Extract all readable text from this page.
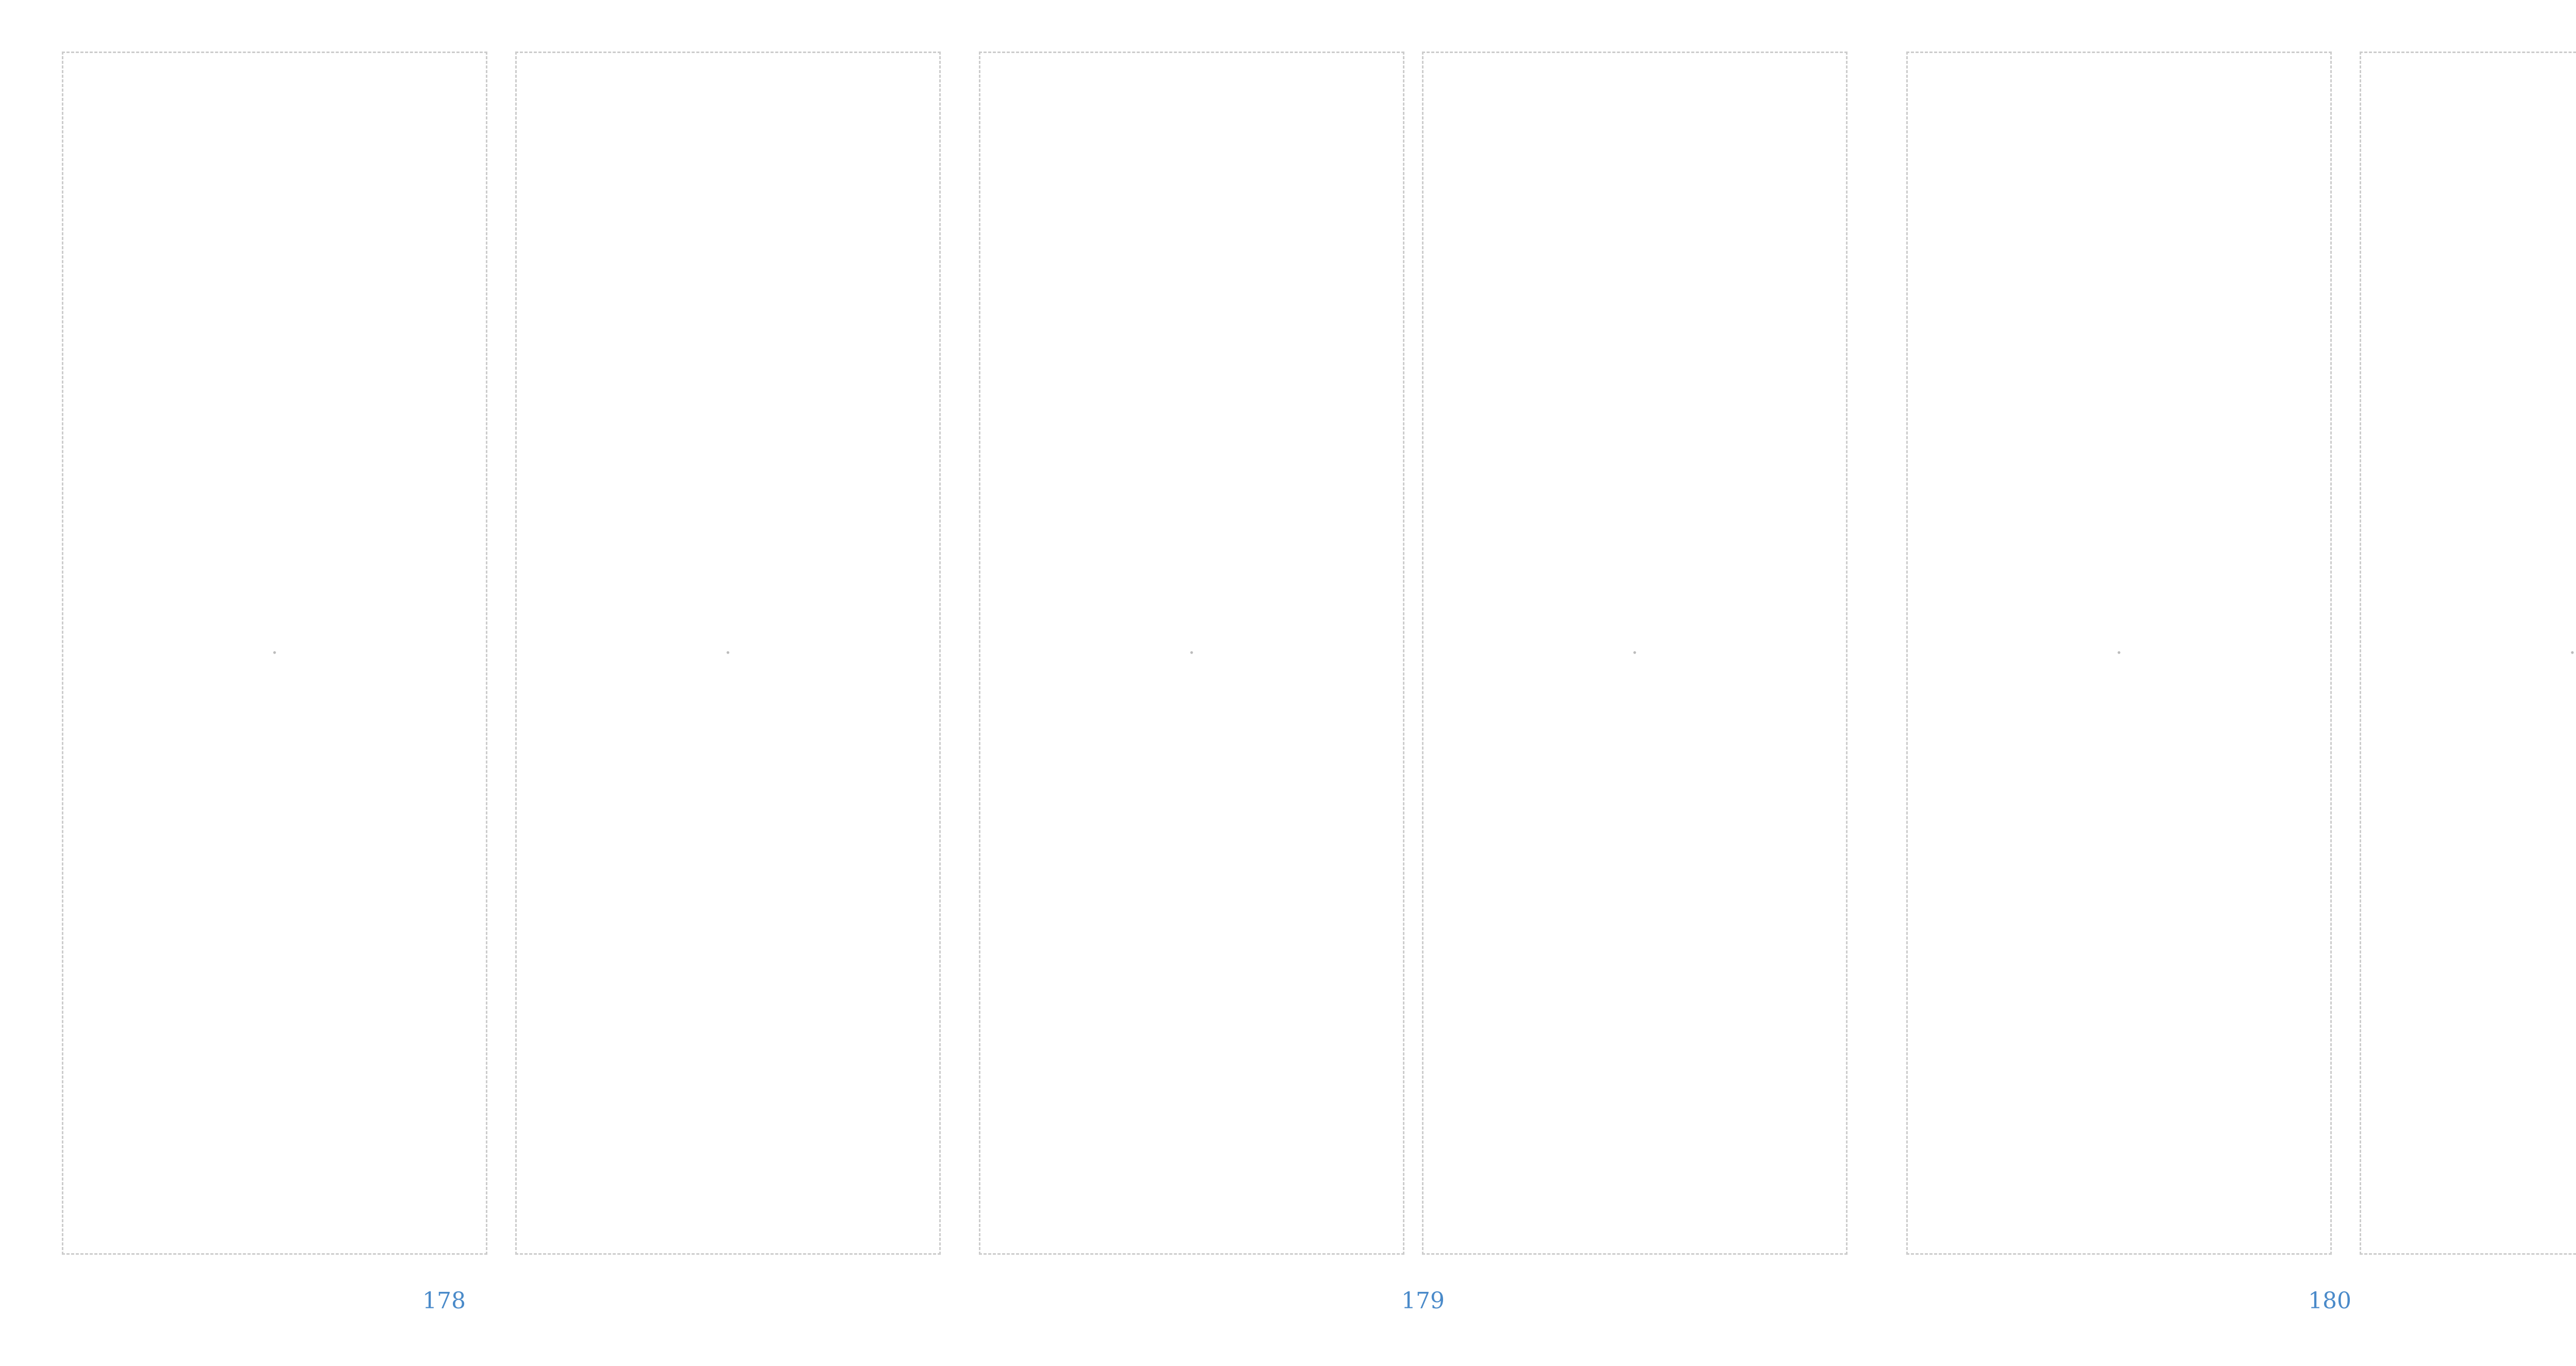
·	·	·	·	·	·
178	179	180
